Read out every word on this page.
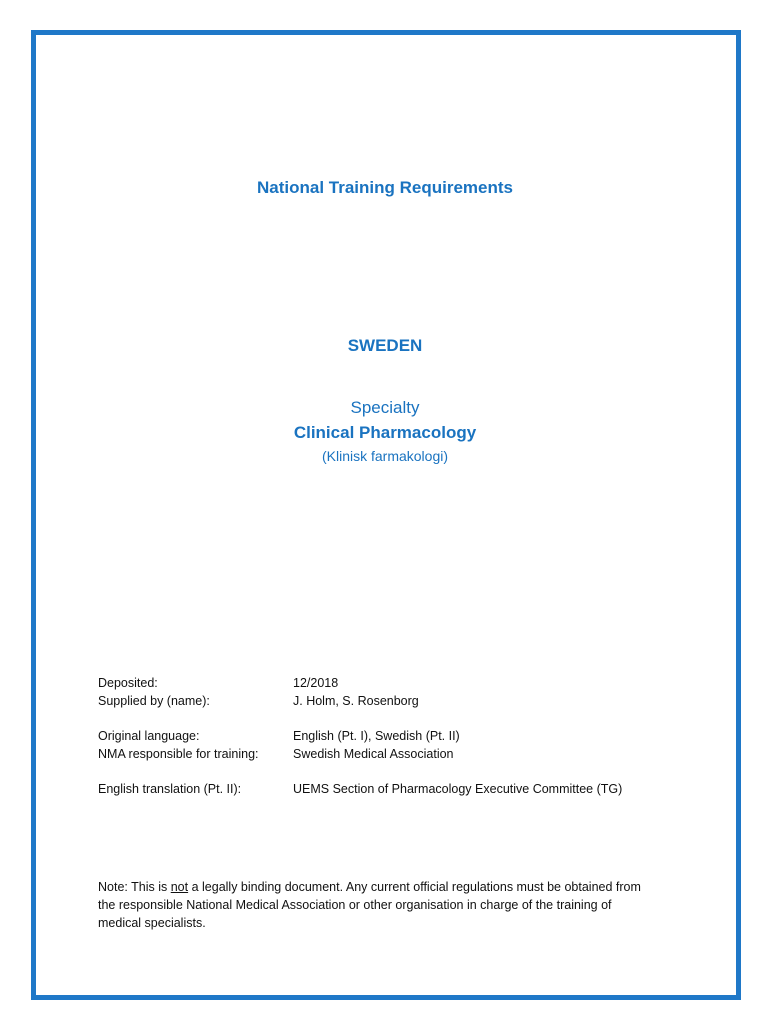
National Training Requirements
SWEDEN
Specialty
Clinical Pharmacology
(Klinisk farmakologi)
Deposited:	12/2018
Supplied by (name):	J. Holm, S. Rosenborg
Original language:	English (Pt. I), Swedish (Pt. II)
NMA responsible for training:	Swedish Medical Association
English translation (Pt. II):	UEMS Section of Pharmacology Executive Committee (TG)
Note: This is not a legally binding document. Any current official regulations must be obtained from the responsible National Medical Association or other organisation in charge of the training of medical specialists.
